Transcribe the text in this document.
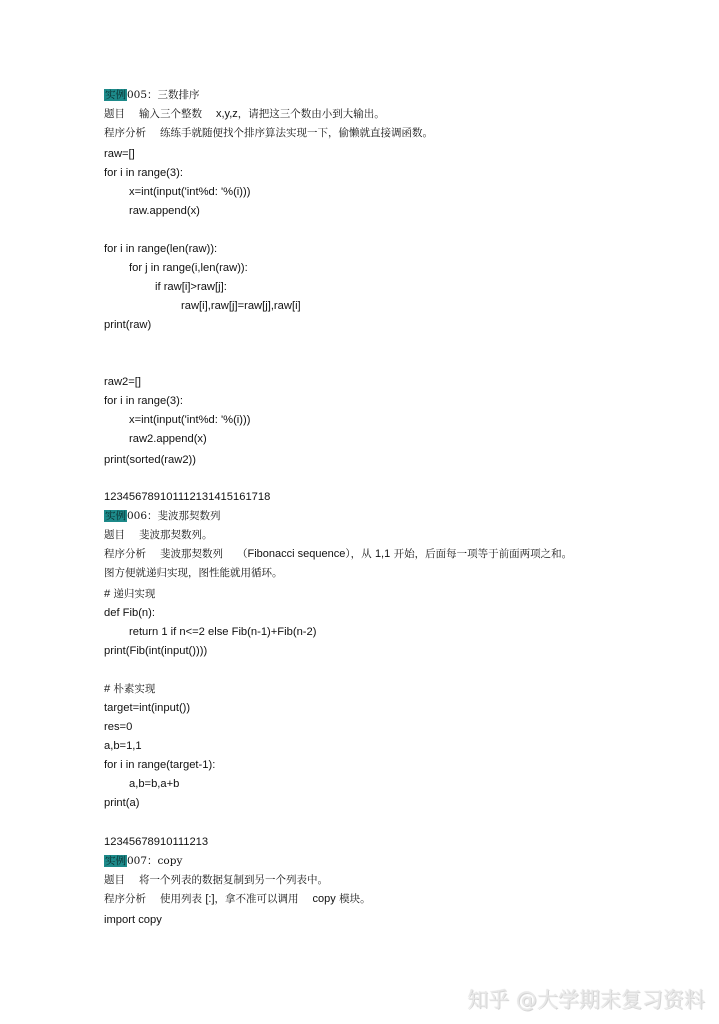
实例005：三数排序
题目 输入三个整数 x,y,z，请把这三个数由小到大输出。
程序分析 练练手就随便找个排序算法实现一下，偷懒就直接调函数。
raw=[]
for i in range(3):
x=int(input('int%d: '%(i)))
raw.append(x)
for i in range(len(raw)):
for j in range(i,len(raw)):
if raw[i]>raw[j]:
raw[i],raw[j]=raw[j],raw[i]
print(raw)
raw2=[]
for i in range(3):
x=int(input('int%d: '%(i)))
raw2.append(x)
print(sorted(raw2))
123456789101112131415161718
实例006：斐波那契数列
题目 斐波那契数列。
程序分析 斐波那契数列 （Fibonacci sequence），从 1,1 开始，后面每一项等于前面两项之和。
图方便就递归实现，图性能就用循环。
# 递归实现
def Fib(n):
return 1 if n<=2 else Fib(n-1)+Fib(n-2)
print(Fib(int(input())))
# 朴素实现
target=int(input())
res=0
a,b=1,1
for i in range(target-1):
a,b=b,a+b
print(a)
12345678910111213
实例007：copy
题目 将一个列表的数据复制到另一个列表中。
程序分析 使用列表 [:]，拿不准可以调用 copy 模块。
import copy
知乎 @大学期末复习资料
